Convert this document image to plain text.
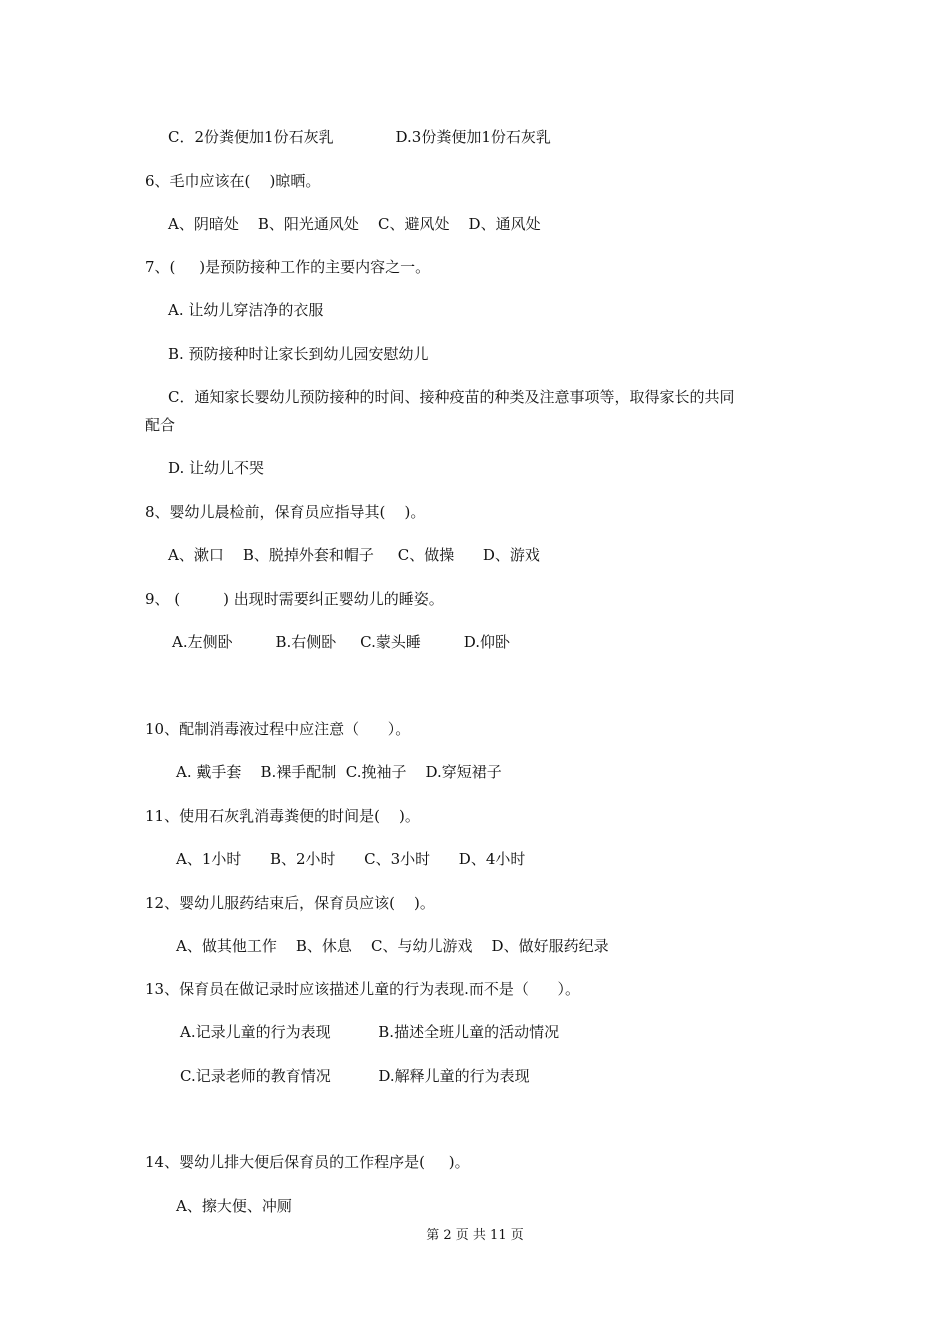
C．2份粪便加1份石灰乳             D.3份粪便加1份石灰乳
6、毛巾应该在(    )晾晒。
A、阴暗处    B、阳光通风处    C、避风处    D、通风处
7、(     )是预防接种工作的主要内容之一。
A. 让幼儿穿洁净的衣服
B. 预防接种时让家长到幼儿园安慰幼儿
C．通知家长婴幼儿预防接种的时间、接种疫苗的种类及注意事项等，取得家长的共同
配合
D. 让幼儿不哭
8、婴幼儿晨检前，保育员应指导其(    )。
A、漱口    B、脱掉外套和帽子     C、做操      D、游戏
9、 (         ) 出现时需要纠正婴幼儿的睡姿。
A.左侧卧         B.右侧卧     C.蒙头睡         D.仰卧
10、配制消毒液过程中应注意（      ）。
A. 戴手套    B.裸手配制  C.挽袖子    D.穿短裙子
11、使用石灰乳消毒粪便的时间是(    )。
A、1小时      B、2小时      C、3小时      D、4小时
12、婴幼儿服药结束后，保育员应该(    )。
A、做其他工作    B、休息    C、与幼儿游戏    D、做好服药纪录
13、保育员在做记录时应该描述儿童的行为表现.而不是（      ）。
A.记录儿童的行为表现          B.描述全班儿童的活动情况
C.记录老师的教育情况          D.解释儿童的行为表现
14、婴幼儿排大便后保育员的工作程序是(     )。
A、擦大便、冲厕
第 2 页 共 11 页
